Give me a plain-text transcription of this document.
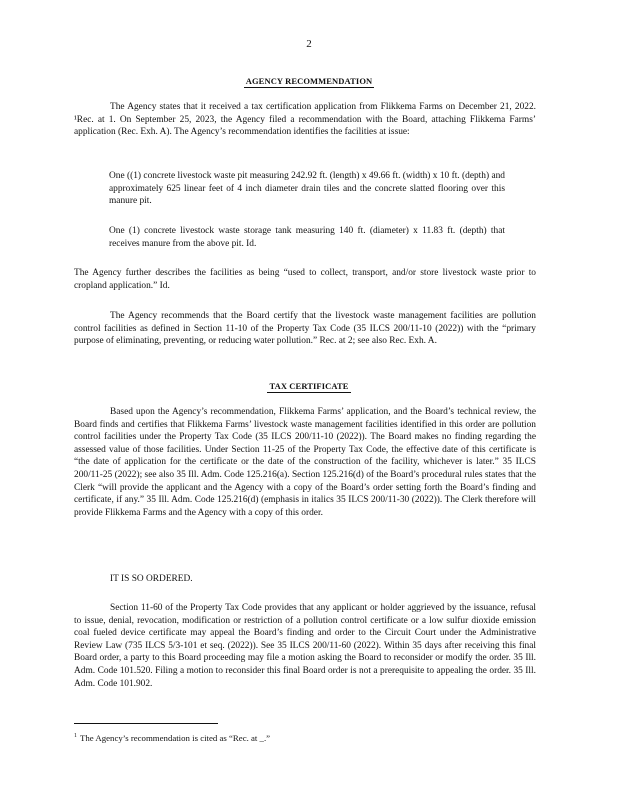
2
AGENCY RECOMMENDATION

The Agency states that it received a tax certification application from Flikkema Farms on December 21, 2022. ¹Rec. at 1. On September 25, 2023, the Agency filed a recommendation with the Board, attaching Flikkema Farms’ application (Rec. Exh. A). The Agency’s recommendation identifies the facilities at issue:

One ((1) concrete livestock waste pit measuring 242.92 ft. (length) x 49.66 ft. (width) x 10 ft. (depth) and approximately 625 linear feet of 4 inch diameter drain tiles and the concrete slatted flooring over this manure pit.

One (1) concrete livestock waste storage tank measuring 140 ft. (diameter) x 11.83 ft. (depth) that receives manure from the above pit. Id.

The Agency further describes the facilities as being “used to collect, transport, and/or store livestock waste prior to cropland application.” Id.

The Agency recommends that the Board certify that the livestock waste management facilities are pollution control facilities as defined in Section 11-10 of the Property Tax Code (35 ILCS 200/11-10 (2022)) with the “primary purpose of eliminating, preventing, or reducing water pollution.” Rec. at 2; see also Rec. Exh. A.

TAX CERTIFICATE

Based upon the Agency’s recommendation, Flikkema Farms’ application, and the Board’s technical review, the Board finds and certifies that Flikkema Farms’ livestock waste management facilities identified in this order are pollution control facilities under the Property Tax Code (35 ILCS 200/11-10 (2022)). The Board makes no finding regarding the assessed value of those facilities. Under Section 11-25 of the Property Tax Code, the effective date of this certificate is “the date of application for the certificate or the date of the construction of the facility, whichever is later.” 35 ILCS 200/11-25 (2022); see also 35 Ill. Adm. Code 125.216(a). Section 125.216(d) of the Board’s procedural rules states that the Clerk “will provide the applicant and the Agency with a copy of the Board’s order setting forth the Board’s finding and certificate, if any.” 35 Ill. Adm. Code 125.216(d) (emphasis in italics 35 ILCS 200/11-30 (2022)). The Clerk therefore will provide Flikkema Farms and the Agency with a copy of this order.

IT IS SO ORDERED.

Section 11-60 of the Property Tax Code provides that any applicant or holder aggrieved by the issuance, refusal to issue, denial, revocation, modification or restriction of a pollution control certificate or a low sulfur dioxide emission coal fueled device certificate may appeal the Board’s finding and order to the Circuit Court under the Administrative Review Law (735 ILCS 5/3-101 et seq. (2022)). See 35 ILCS 200/11-60 (2022). Within 35 days after receiving this final Board order, a party to this Board proceeding may file a motion asking the Board to reconsider or modify the order. 35 Ill. Adm. Code 101.520. Filing a motion to reconsider this final Board order is not a prerequisite to appealing the order. 35 Ill. Adm. Code 101.902.

$^1$ The Agency’s recommendation is cited as “Rec. at _.”
